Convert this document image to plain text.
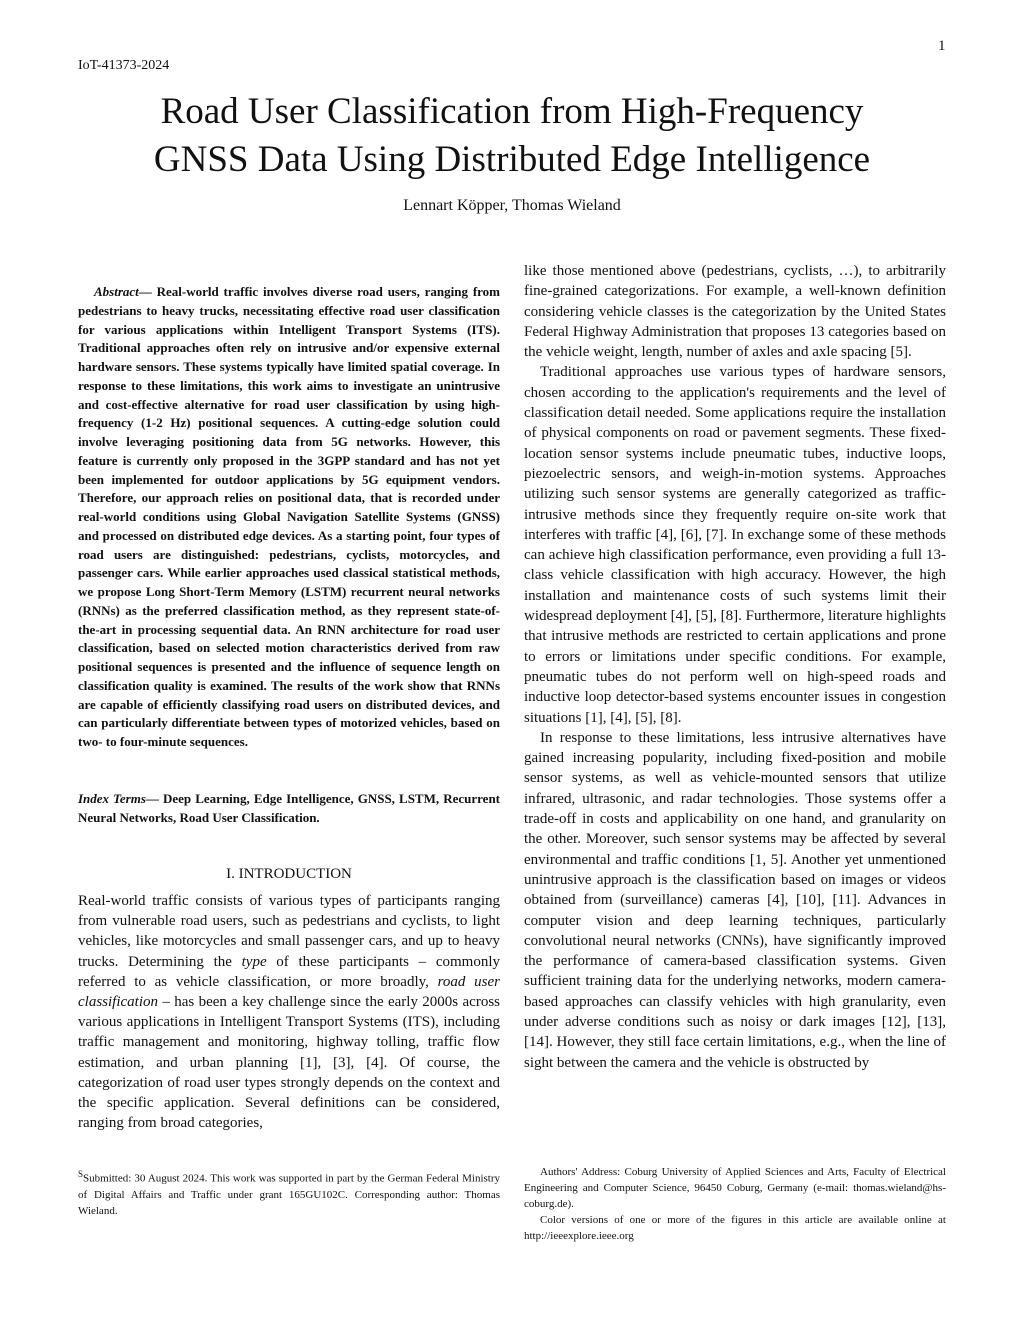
1
IoT-41373-2024
Road User Classification from High-Frequency
GNSS Data Using Distributed Edge Intelligence
Lennart Köpper, Thomas Wieland

Abstract— Real-world traffic involves diverse road users, ranging from pedestrians to heavy trucks, necessitating effective road user classification for various applications within Intelligent Transport Systems (ITS). Traditional approaches often rely on intrusive and/or expensive external hardware sensors. These systems typically have limited spatial coverage. In response to these limitations, this work aims to investigate an unintrusive and cost-effective alternative for road user classification by using high-frequency (1-2 Hz) positional sequences. A cutting-edge solution could involve leveraging positioning data from 5G networks. However, this feature is currently only proposed in the 3GPP standard and has not yet been implemented for outdoor applications by 5G equipment vendors. Therefore, our approach relies on positional data, that is recorded under real-world conditions using Global Navigation Satellite Systems (GNSS) and processed on distributed edge devices. As a starting point, four types of road users are distinguished: pedestrians, cyclists, motorcycles, and passenger cars. While earlier approaches used classical statistical methods, we propose Long Short-Term Memory (LSTM) recurrent neural networks (RNNs) as the preferred classification method, as they represent state-of-the-art in processing sequential data. An RNN architecture for road user classification, based on selected motion characteristics derived from raw positional sequences is presented and the influence of sequence length on classification quality is examined. The results of the work show that RNNs are capable of efficiently classifying road users on distributed devices, and can particularly differentiate between types of motorized vehicles, based on two- to four-minute sequences.

Index Terms— Deep Learning, Edge Intelligence, GNSS, LSTM, Recurrent Neural Networks, Road User Classification.

I. INTRODUCTION

Real-world traffic consists of various types of participants ranging from vulnerable road users, such as pedestrians and cyclists, to light vehicles, like motorcycles and small passenger cars, and up to heavy trucks. Determining the type of these participants – commonly referred to as vehicle classification, or more broadly, road user classification – has been a key challenge since the early 2000s across various applications in Intelligent Transport Systems (ITS), including traffic management and monitoring, highway tolling, traffic flow estimation, and urban planning [1], [3], [4]. Of course, the categorization of road user types strongly depends on the context and the specific application. Several definitions can be considered, ranging from broad categories,

like those mentioned above (pedestrians, cyclists, …), to arbitrarily fine-grained categorizations. For example, a well-known definition considering vehicle classes is the categorization by the United States Federal Highway Administration that proposes 13 categories based on the vehicle weight, length, number of axles and axle spacing [5].

Traditional approaches use various types of hardware sensors, chosen according to the application's requirements and the level of classification detail needed. Some applications require the installation of physical components on road or pavement segments. These fixed-location sensor systems include pneumatic tubes, inductive loops, piezoelectric sensors, and weigh-in-motion systems. Approaches utilizing such sensor systems are generally categorized as traffic-intrusive methods since they frequently require on-site work that interferes with traffic [4], [6], [7]. In exchange some of these methods can achieve high classification performance, even providing a full 13-class vehicle classification with high accuracy. However, the high installation and maintenance costs of such systems limit their widespread deployment [4], [5], [8]. Furthermore, literature highlights that intrusive methods are restricted to certain applications and prone to errors or limitations under specific conditions. For example, pneumatic tubes do not perform well on high-speed roads and inductive loop detector-based systems encounter issues in congestion situations [1], [4], [5], [8].

In response to these limitations, less intrusive alternatives have gained increasing popularity, including fixed-position and mobile sensor systems, as well as vehicle-mounted sensors that utilize infrared, ultrasonic, and radar technologies. Those systems offer a trade-off in costs and applicability on one hand, and granularity on the other. Moreover, such sensor systems may be affected by several environmental and traffic conditions [1, 5]. Another yet unmentioned unintrusive approach is the classification based on images or videos obtained from (surveillance) cameras [4], [10], [11]. Advances in computer vision and deep learning techniques, particularly convolutional neural networks (CNNs), have significantly improved the performance of camera-based classification systems. Given sufficient training data for the underlying networks, modern camera-based approaches can classify vehicles with high granularity, even under adverse conditions such as noisy or dark images [12], [13], [14]. However, they still face certain limitations, e.g., when the line of sight between the camera and the vehicle is obstructed by

$^S$Submitted: 30 August 2024. This work was supported in part by the German Federal Ministry of Digital Affairs and Traffic under grant 165GU102C. Corresponding author: Thomas Wieland.

Authors' Address: Coburg University of Applied Sciences and Arts, Faculty of Electrical Engineering and Computer Science, 96450 Coburg, Germany (e-mail: thomas.wieland@hs-coburg.de).

Color versions of one or more of the figures in this article are available online at http://ieeexplore.ieee.org
